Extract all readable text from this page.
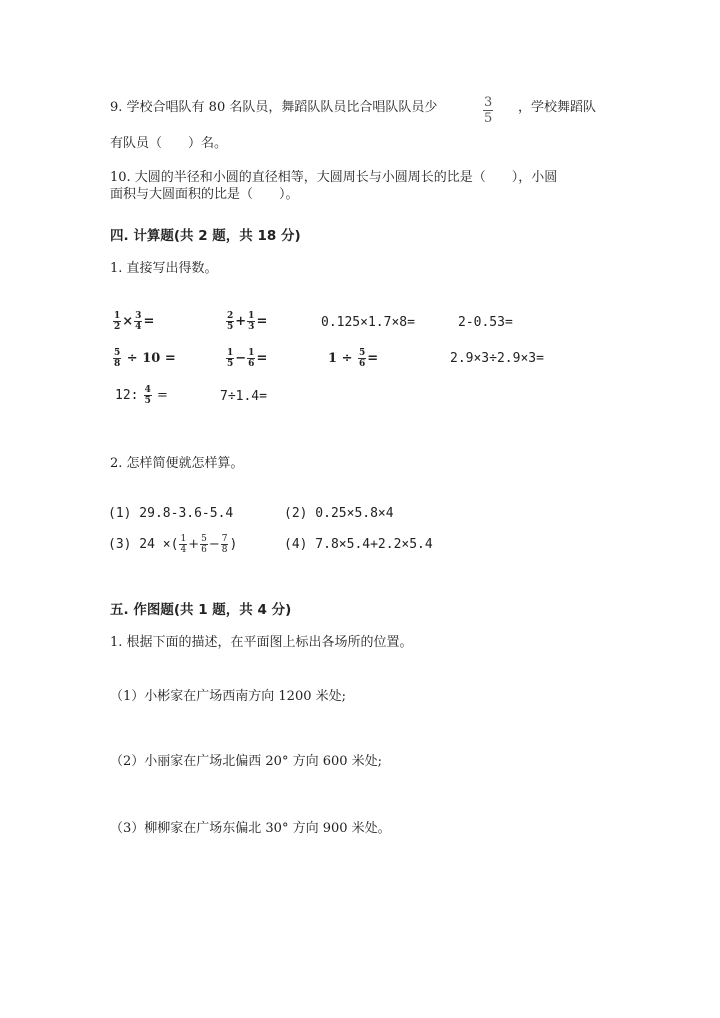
9. 学校合唱队有 80 名队员，舞蹈队队员比合唱队队员少	$\frac{3}{5}$ ，学校舞蹈队
有队员（　　）名。
10. 大圆的半径和小圆的直径相等，大圆周长与小圆周长的比是（　　），小圆
面积与大圆面积的比是（　　）。
四. 计算题(共 2 题，共 18 分)
1. 直接写出得数。
$\frac{1}{2} \times \frac{3}{4}$ =	$\frac{2}{5} + \frac{1}{3}$ =	0.125×1.7×8=	2-0.53=
$\frac{5}{8} \div 10$ =	$\frac{1}{5} - \frac{1}{6}$ =	$1 \div \frac{5}{6}$ =	2.9×3÷2.9×3=
12: $\frac{4}{5}$ =	7÷1.4=
2. 怎样简便就怎样算。
(1) 29.8-3.6-5.4	(2) 0.25×5.8×4
(3) 24 ×( $\frac{1}{4} + \frac{5}{6} - \frac{7}{8}$ )	(4) 7.8×5.4+2.2×5.4
五. 作图题(共 1 题，共 4 分)
1. 根据下面的描述，在平面图上标出各场所的位置。
（1）小彬家在广场西南方向 1200 米处;
（2）小丽家在广场北偏西 20° 方向 600 米处;
（3）柳柳家在广场东偏北 30° 方向 900 米处。
